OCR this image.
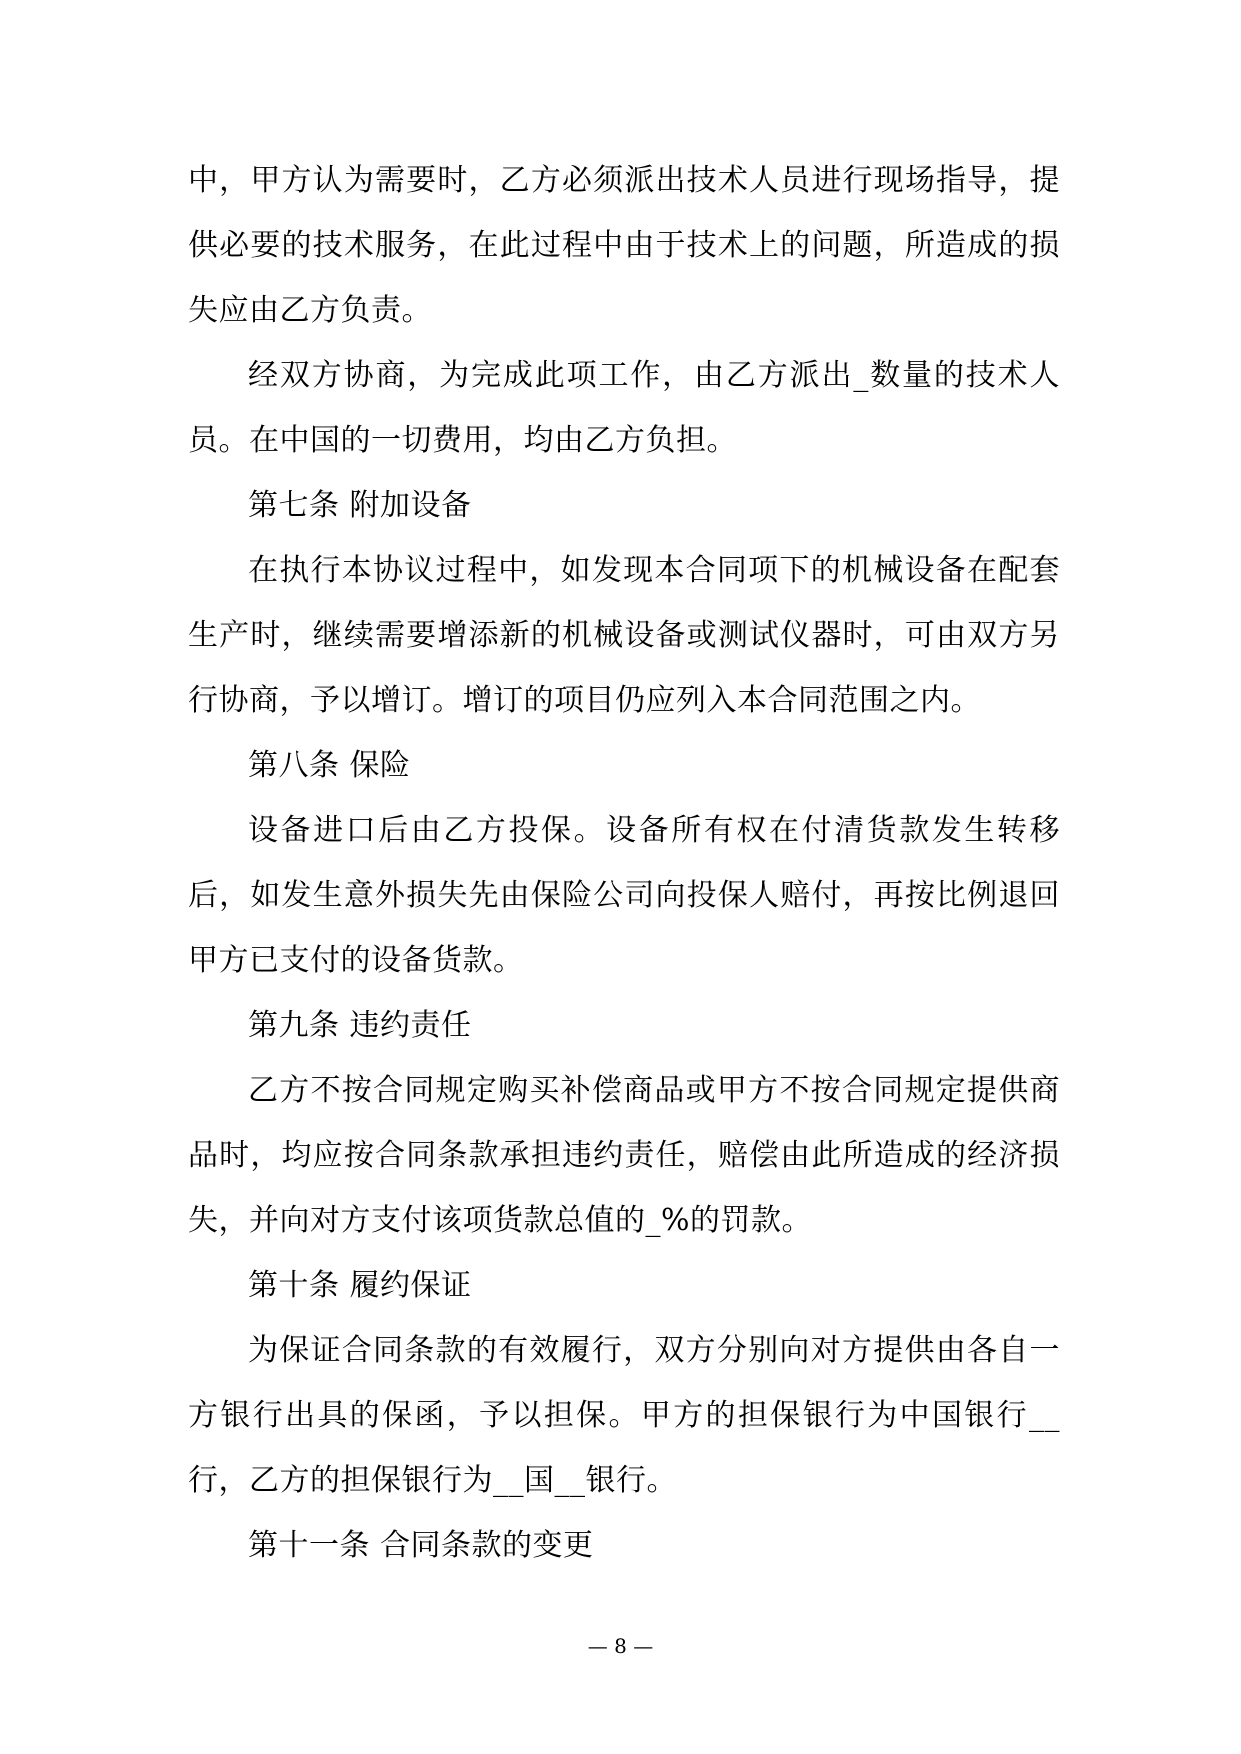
中，甲方认为需要时，乙方必须派出技术人员进行现场指导，提供必要的技术服务，在此过程中由于技术上的问题，所造成的损失应由乙方负责。

经双方协商，为完成此项工作，由乙方派出_数量的技术人员。在中国的一切费用，均由乙方负担。

第七条 附加设备

在执行本协议过程中，如发现本合同项下的机械设备在配套生产时，继续需要增添新的机械设备或测试仪器时，可由双方另行协商，予以增订。增订的项目仍应列入本合同范围之内。

第八条 保险

设备进口后由乙方投保。设备所有权在付清货款发生转移后，如发生意外损失先由保险公司向投保人赔付，再按比例退回甲方已支付的设备货款。

第九条 违约责任

乙方不按合同规定购买补偿商品或甲方不按合同规定提供商品时，均应按合同条款承担违约责任，赔偿由此所造成的经济损失，并向对方支付该项货款总值的_%的罚款。

第十条 履约保证

为保证合同条款的有效履行，双方分别向对方提供由各自一方银行出具的保函，予以担保。甲方的担保银行为中国银行__行，乙方的担保银行为__国__银行。

第十一条 合同条款的变更

— 8 —
